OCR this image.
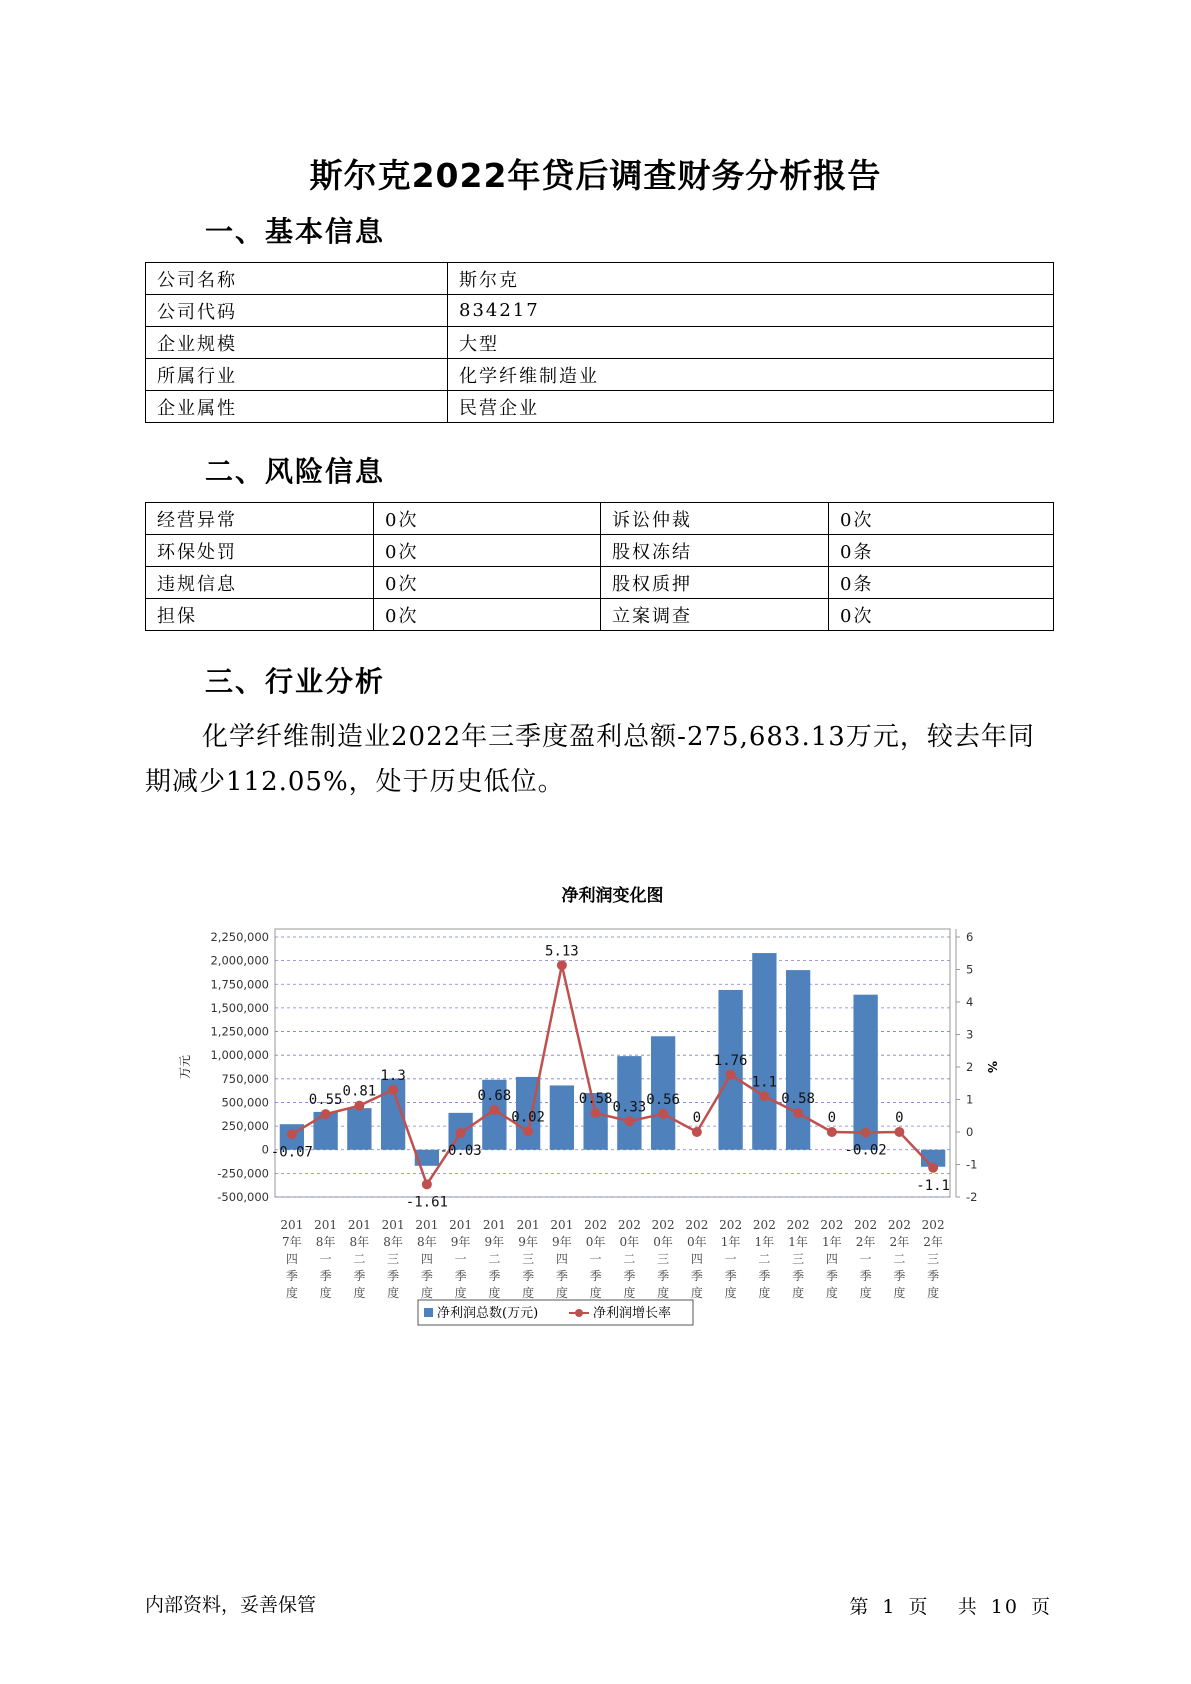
斯尔克2022年贷后调查财务分析报告
一、基本信息
公司名称	斯尔克
公司代码	834217
企业规模	大型
所属行业	化学纤维制造业
企业属性	民营企业
二、风险信息
经营异常	0次	诉讼仲裁	0次
环保处罚	0次	股权冻结	0条
违规信息	0次	股权质押	0条
担保	0次	立案调查	0次
三、行业分析
化学纤维制造业2022年三季度盈利总额-275,683.13万元，较去年同期减少112.05%，处于历史低位。
净利润变化图
2,250,000
2,000,000
1,750,000
1,500,000
1,250,000
1,000,000
750,000
500,000
250,000
0
-250,000
-500,000
6
5
4
3
2
1
0
-1
-2
万元	%
-0.07
0.55
0.81
1.3
-1.61
-0.03
0.68
0.02
5.13
0.58
0.33 0.56
0
1.76
1.1
0.58
0
-0.02
0
-1.1
201 7年四季度
201 8年一季度
201 8年二季度
201 8年三季度
201 8年四季度
201 9年一季度
201 9年二季度
201 9年三季度
201 9年四季度
202 0年一季度
202 0年二季度
202 0年三季度
202 0年四季度
202 1年一季度
202 1年二季度
202 1年三季度
202 1年四季度
202 2年一季度
202 2年二季度
202 2年三季度
净利润总数(万元)	净利润增长率
内部资料，妥善保管	第 1 页 共 10 页
